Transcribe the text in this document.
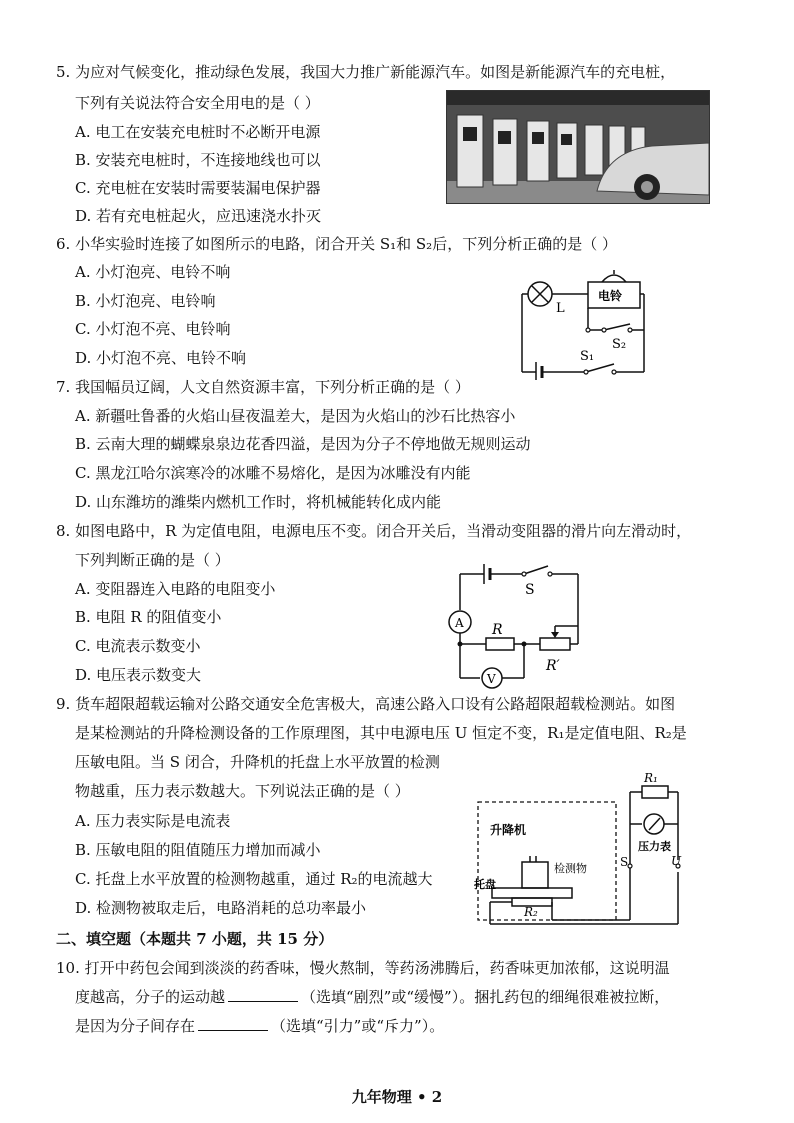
5. 为应对气候变化，推动绿色发展，我国大力推广新能源汽车。如图是新能源汽车的充电桩，
下列有关说法符合安全用电的是（ ）
A. 电工在安装充电桩时不必断开电源
B. 安装充电桩时，不连接地线也可以
C. 充电桩在安装时需要装漏电保护器
D. 若有充电桩起火，应迅速浇水扑灭
6. 小华实验时连接了如图所示的电路，闭合开关 S₁和 S₂后，下列分析正确的是（ ）
A. 小灯泡亮、电铃不响
B. 小灯泡亮、电铃响
C. 小灯泡不亮、电铃响
D. 小灯泡不亮、电铃不响
L
电铃
S₂
S₁
7. 我国幅员辽阔，人文自然资源丰富，下列分析正确的是（ ）
A. 新疆吐鲁番的火焰山昼夜温差大，是因为火焰山的沙石比热容小
B. 云南大理的蝴蝶泉泉边花香四溢，是因为分子不停地做无规则运动
C. 黑龙江哈尔滨寒冷的冰雕不易熔化，是因为冰雕没有内能
D. 山东潍坊的潍柴内燃机工作时，将机械能转化成内能
8. 如图电路中，R 为定值电阻，电源电压不变。闭合开关后，当滑动变阻器的滑片向左滑动时，
下列判断正确的是（ ）
A. 变阻器连入电路的电阻变小
B. 电阻 R 的阻值变小
C. 电流表示数变小
D. 电压表示数变大
S
A R
R′
V
9. 货车超限超载运输对公路交通安全危害极大，高速公路入口设有公路超限超载检测站。如图
是某检测站的升降检测设备的工作原理图，其中电源电压 U 恒定不变，R₁是定值电阻、R₂是
压敏电阻。当 S 闭合，升降机的托盘上水平放置的检测
物越重，压力表示数越大。下列说法正确的是（ ）
A. 压力表实际是电流表
B. 压敏电阻的阻值随压力增加而减小
C. 托盘上水平放置的检测物越重，通过 R₂的电流越大
D. 检测物被取走后，电路消耗的总功率最小
升降机
检测物
托盘
R₂
R₁
压力表
S	U
二、填空题（本题共 7 小题，共 15 分）
10. 打开中药包会闻到淡淡的药香味，慢火熬制，等药汤沸腾后，药香味更加浓郁，这说明温
度越高，分子的运动越	（选填“剧烈”或“缓慢”）。捆扎药包的细绳很难被拉断，
是因为分子间存在	（选填“引力”或“斥力”）。
九年物理 • 2
